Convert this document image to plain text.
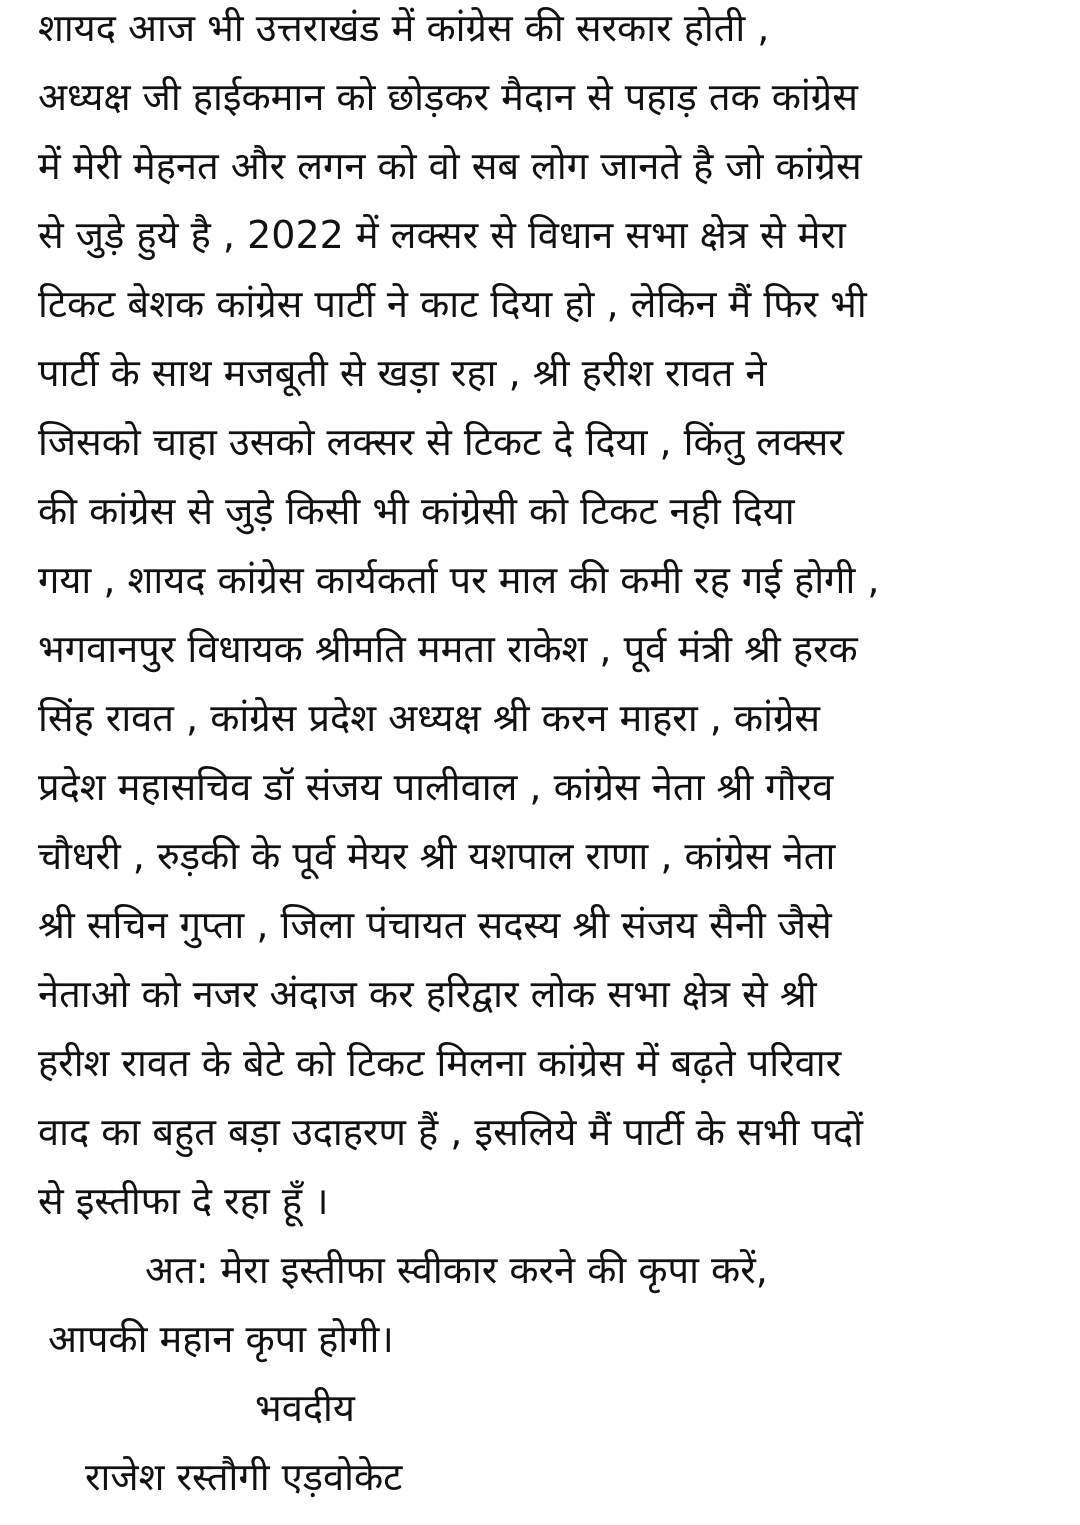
शायद आज भी उत्तराखंड में कांग्रेस की सरकार होती ,
अध्यक्ष जी हाईकमान को छोड़कर मैदान से पहाड़ तक कांग्रेस
में मेरी मेहनत और लगन को वो सब लोग जानते है जो कांग्रेस
से जुड़े हुये है , 2022 में लक्सर से विधान सभा क्षेत्र से मेरा
टिकट बेशक कांग्रेस पार्टी ने काट दिया हो , लेकिन मैं फिर भी
पार्टी के साथ मजबूती से खड़ा रहा , श्री हरीश रावत ने
जिसको चाहा उसको लक्सर से टिकट दे दिया , किंतु लक्सर
की कांग्रेस से जुड़े किसी भी कांग्रेसी को टिकट नही दिया
गया , शायद कांग्रेस कार्यकर्ता पर माल की कमी रह गई होगी ,
भगवानपुर विधायक श्रीमति ममता राकेश , पूर्व मंत्री श्री हरक
सिंह रावत , कांग्रेस प्रदेश अध्यक्ष श्री करन माहरा , कांग्रेस
प्रदेश महासचिव डॉ संजय पालीवाल , कांग्रेस नेता श्री गौरव
चौधरी , रुड़की के पूर्व मेयर श्री यशपाल राणा , कांग्रेस नेता
श्री सचिन गुप्ता , जिला पंचायत सदस्य श्री संजय सैनी जैसे
नेताओ को नजर अंदाज कर हरिद्वार लोक सभा क्षेत्र से श्री
हरीश रावत के बेटे को टिकट मिलना कांग्रेस में बढ़ते परिवार
वाद का बहुत बड़ा उदाहरण हैं , इसलिये मैं पार्टी के सभी पदों
से इस्तीफा दे रहा हूँ ।
अत: मेरा इस्तीफा स्वीकार करने की कृपा करें,
आपकी महान कृपा होगी।
भवदीय
राजेश रस्तौगी एड़वोकेट
